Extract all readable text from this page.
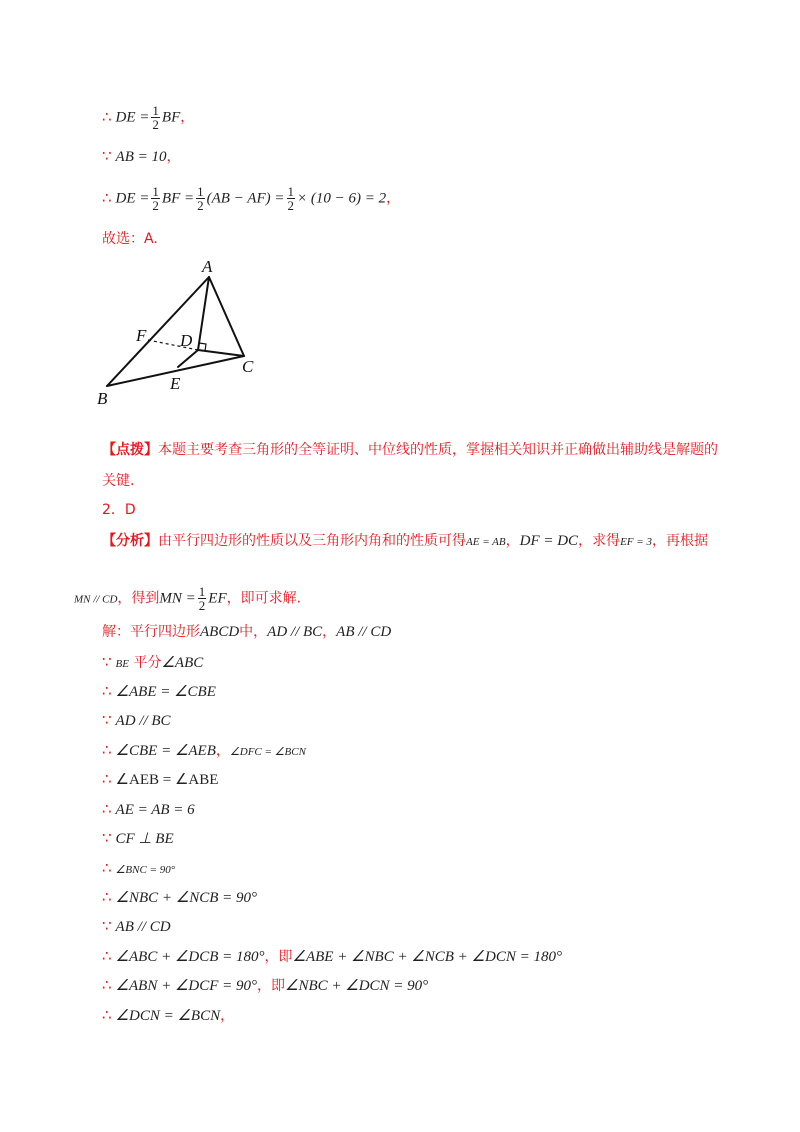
∴ DE = $\frac{1}{2}$ BF，
∵ AB = 10，
∴ DE = $\frac{1}{2}$ BF = $\frac{1}{2} (AB - AF) = \frac{1}{2} \times (10 - 6) = 2$，
故选：A.
A
B
C
D
E
F
【点拨】本题主要考查三角形的全等证明、中位线的性质，掌握相关知识并正确做出辅助线是解题的
关键.
2．D
【分析】由平行四边形的性质以及三角形内角和的性质可得AE = AB，DF = DC，求得EF = 3，再根据
MN // CD，得到MN = $\frac{1}{2}$ EF，即可求解.
解：平行四边形ABCD中，AD // BC，AB // CD
∵ BE 平分∠ABC
∴ ∠ABE = ∠CBE
∵ AD // BC
∴ ∠CBE = ∠AEB，∠DFC = ∠BCN
∴ ∠AEB = ∠ABE
∴ AE = AB = 6
∵ CF ⊥ BE
∴ ∠BNC = 90°
∴ ∠NBC + ∠NCB = 90°
∵ AB // CD
∴ ∠ABC + ∠DCB = 180°，即∠ABE + ∠NBC + ∠NCB + ∠DCN = 180°
∴ ∠ABN + ∠DCF = 90°，即∠NBC + ∠DCN = 90°
∴ ∠DCN = ∠BCN，
